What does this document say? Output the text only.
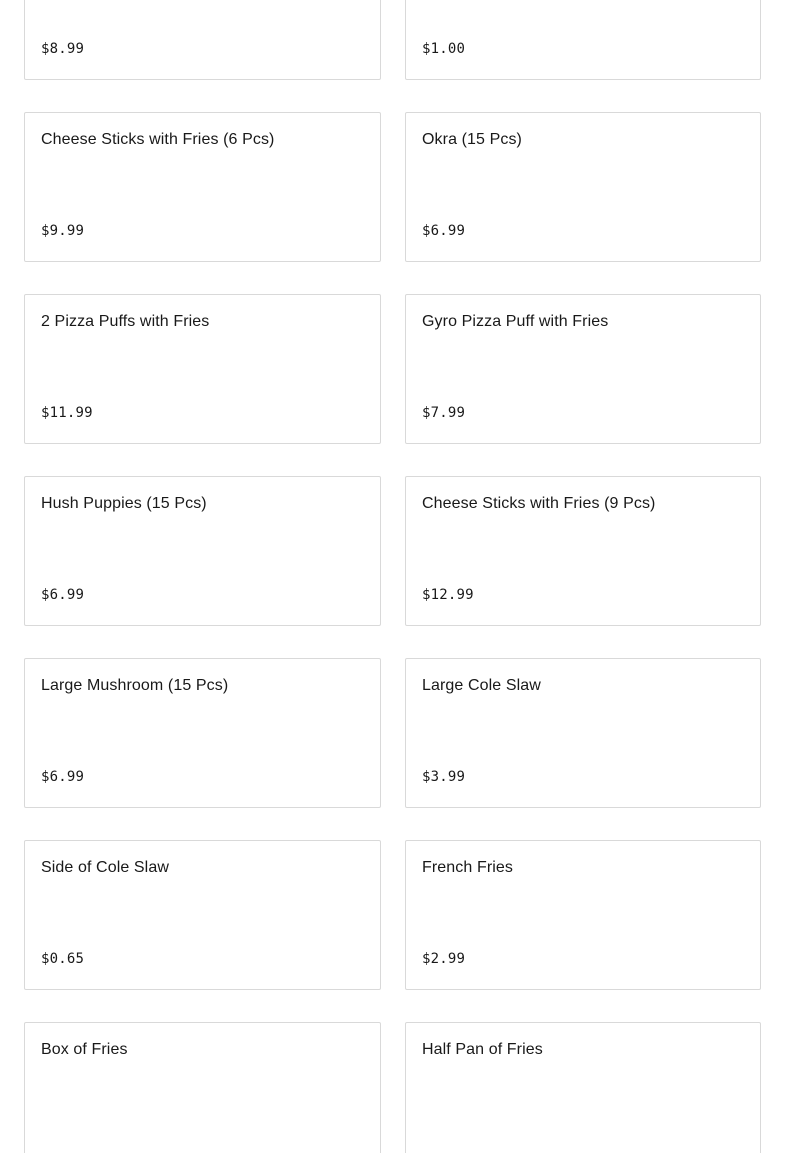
$8.99	$1.00
Cheese Sticks with Fries (6 Pcs)
$9.99
Okra (15 Pcs)
$6.99
2 Pizza Puffs with Fries
$11.99
Gyro Pizza Puff with Fries
$7.99
Hush Puppies (15 Pcs)
$6.99
Cheese Sticks with Fries (9 Pcs)
$12.99
Large Mushroom (15 Pcs)
$6.99
Large Cole Slaw
$3.99
Side of Cole Slaw
$0.65
French Fries
$2.99
Box of Fries	Half Pan of Fries
